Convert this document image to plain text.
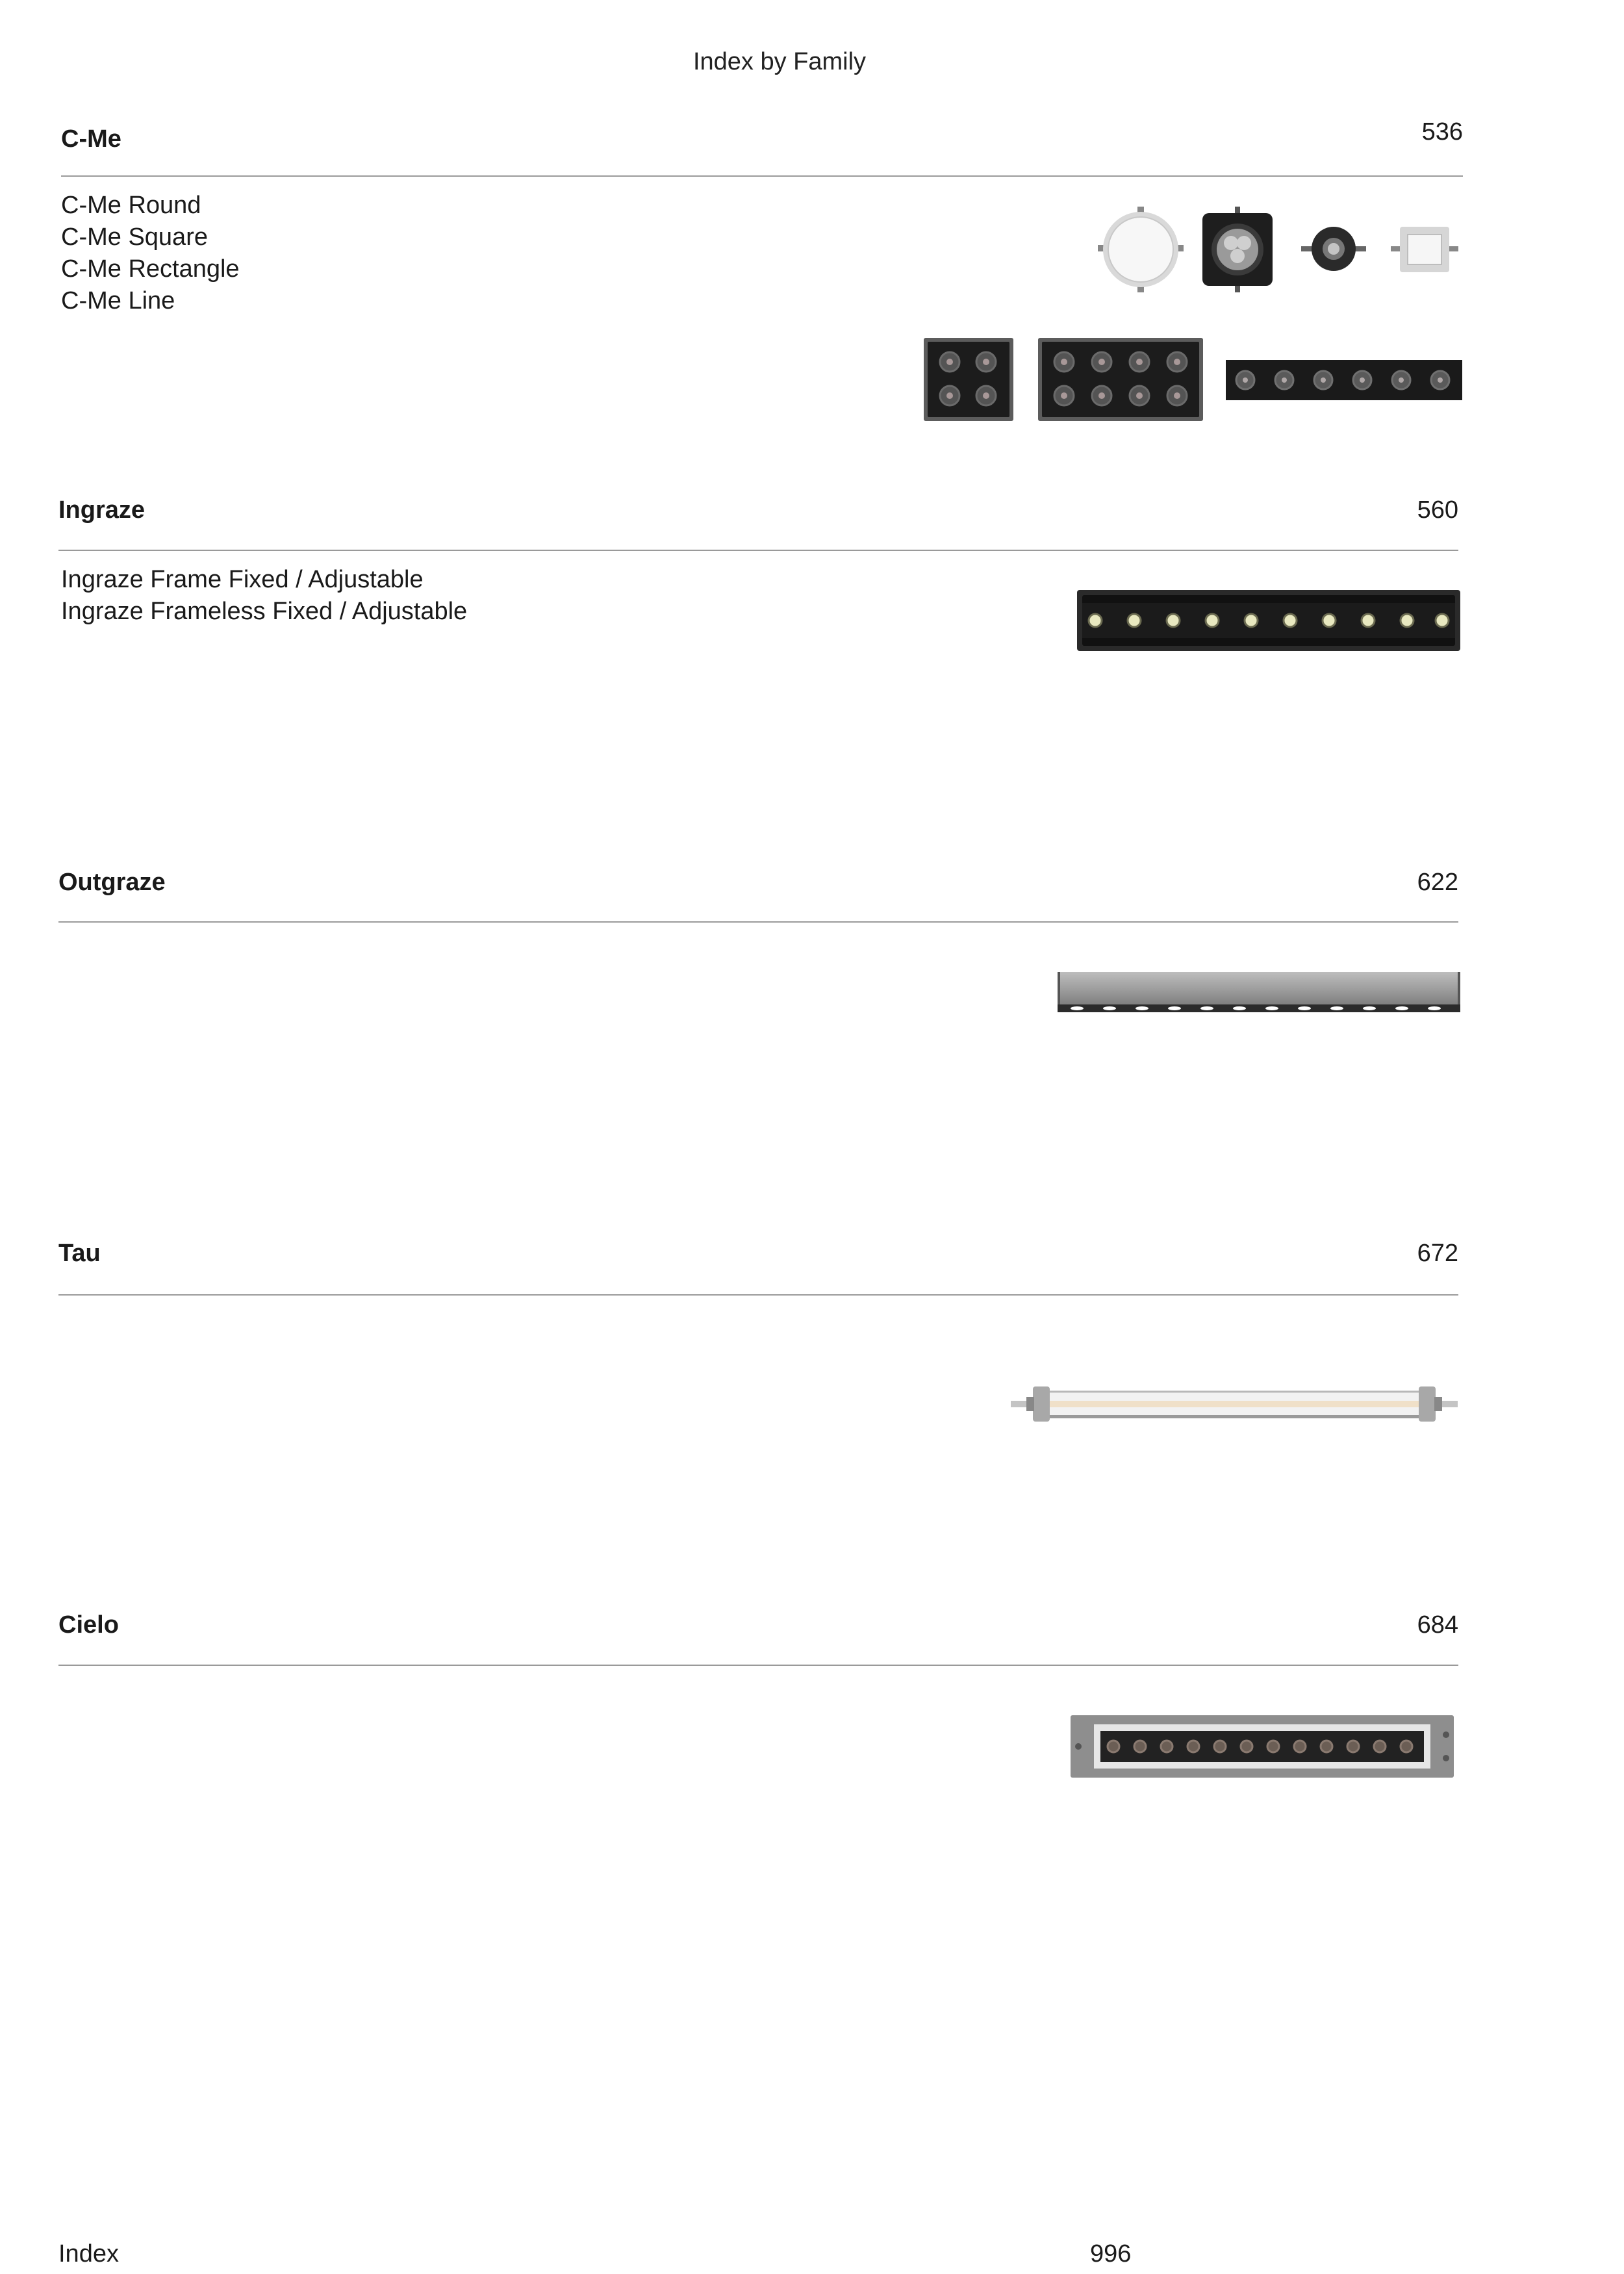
Index by Family
C-Me	536
C-Me Round
C-Me Square
C-Me Rectangle
C-Me Line
Ingraze	560
Ingraze Frame Fixed / Adjustable
Ingraze Frameless Fixed / Adjustable
Outgraze	622
Tau	672
Cielo	684
Index	996
